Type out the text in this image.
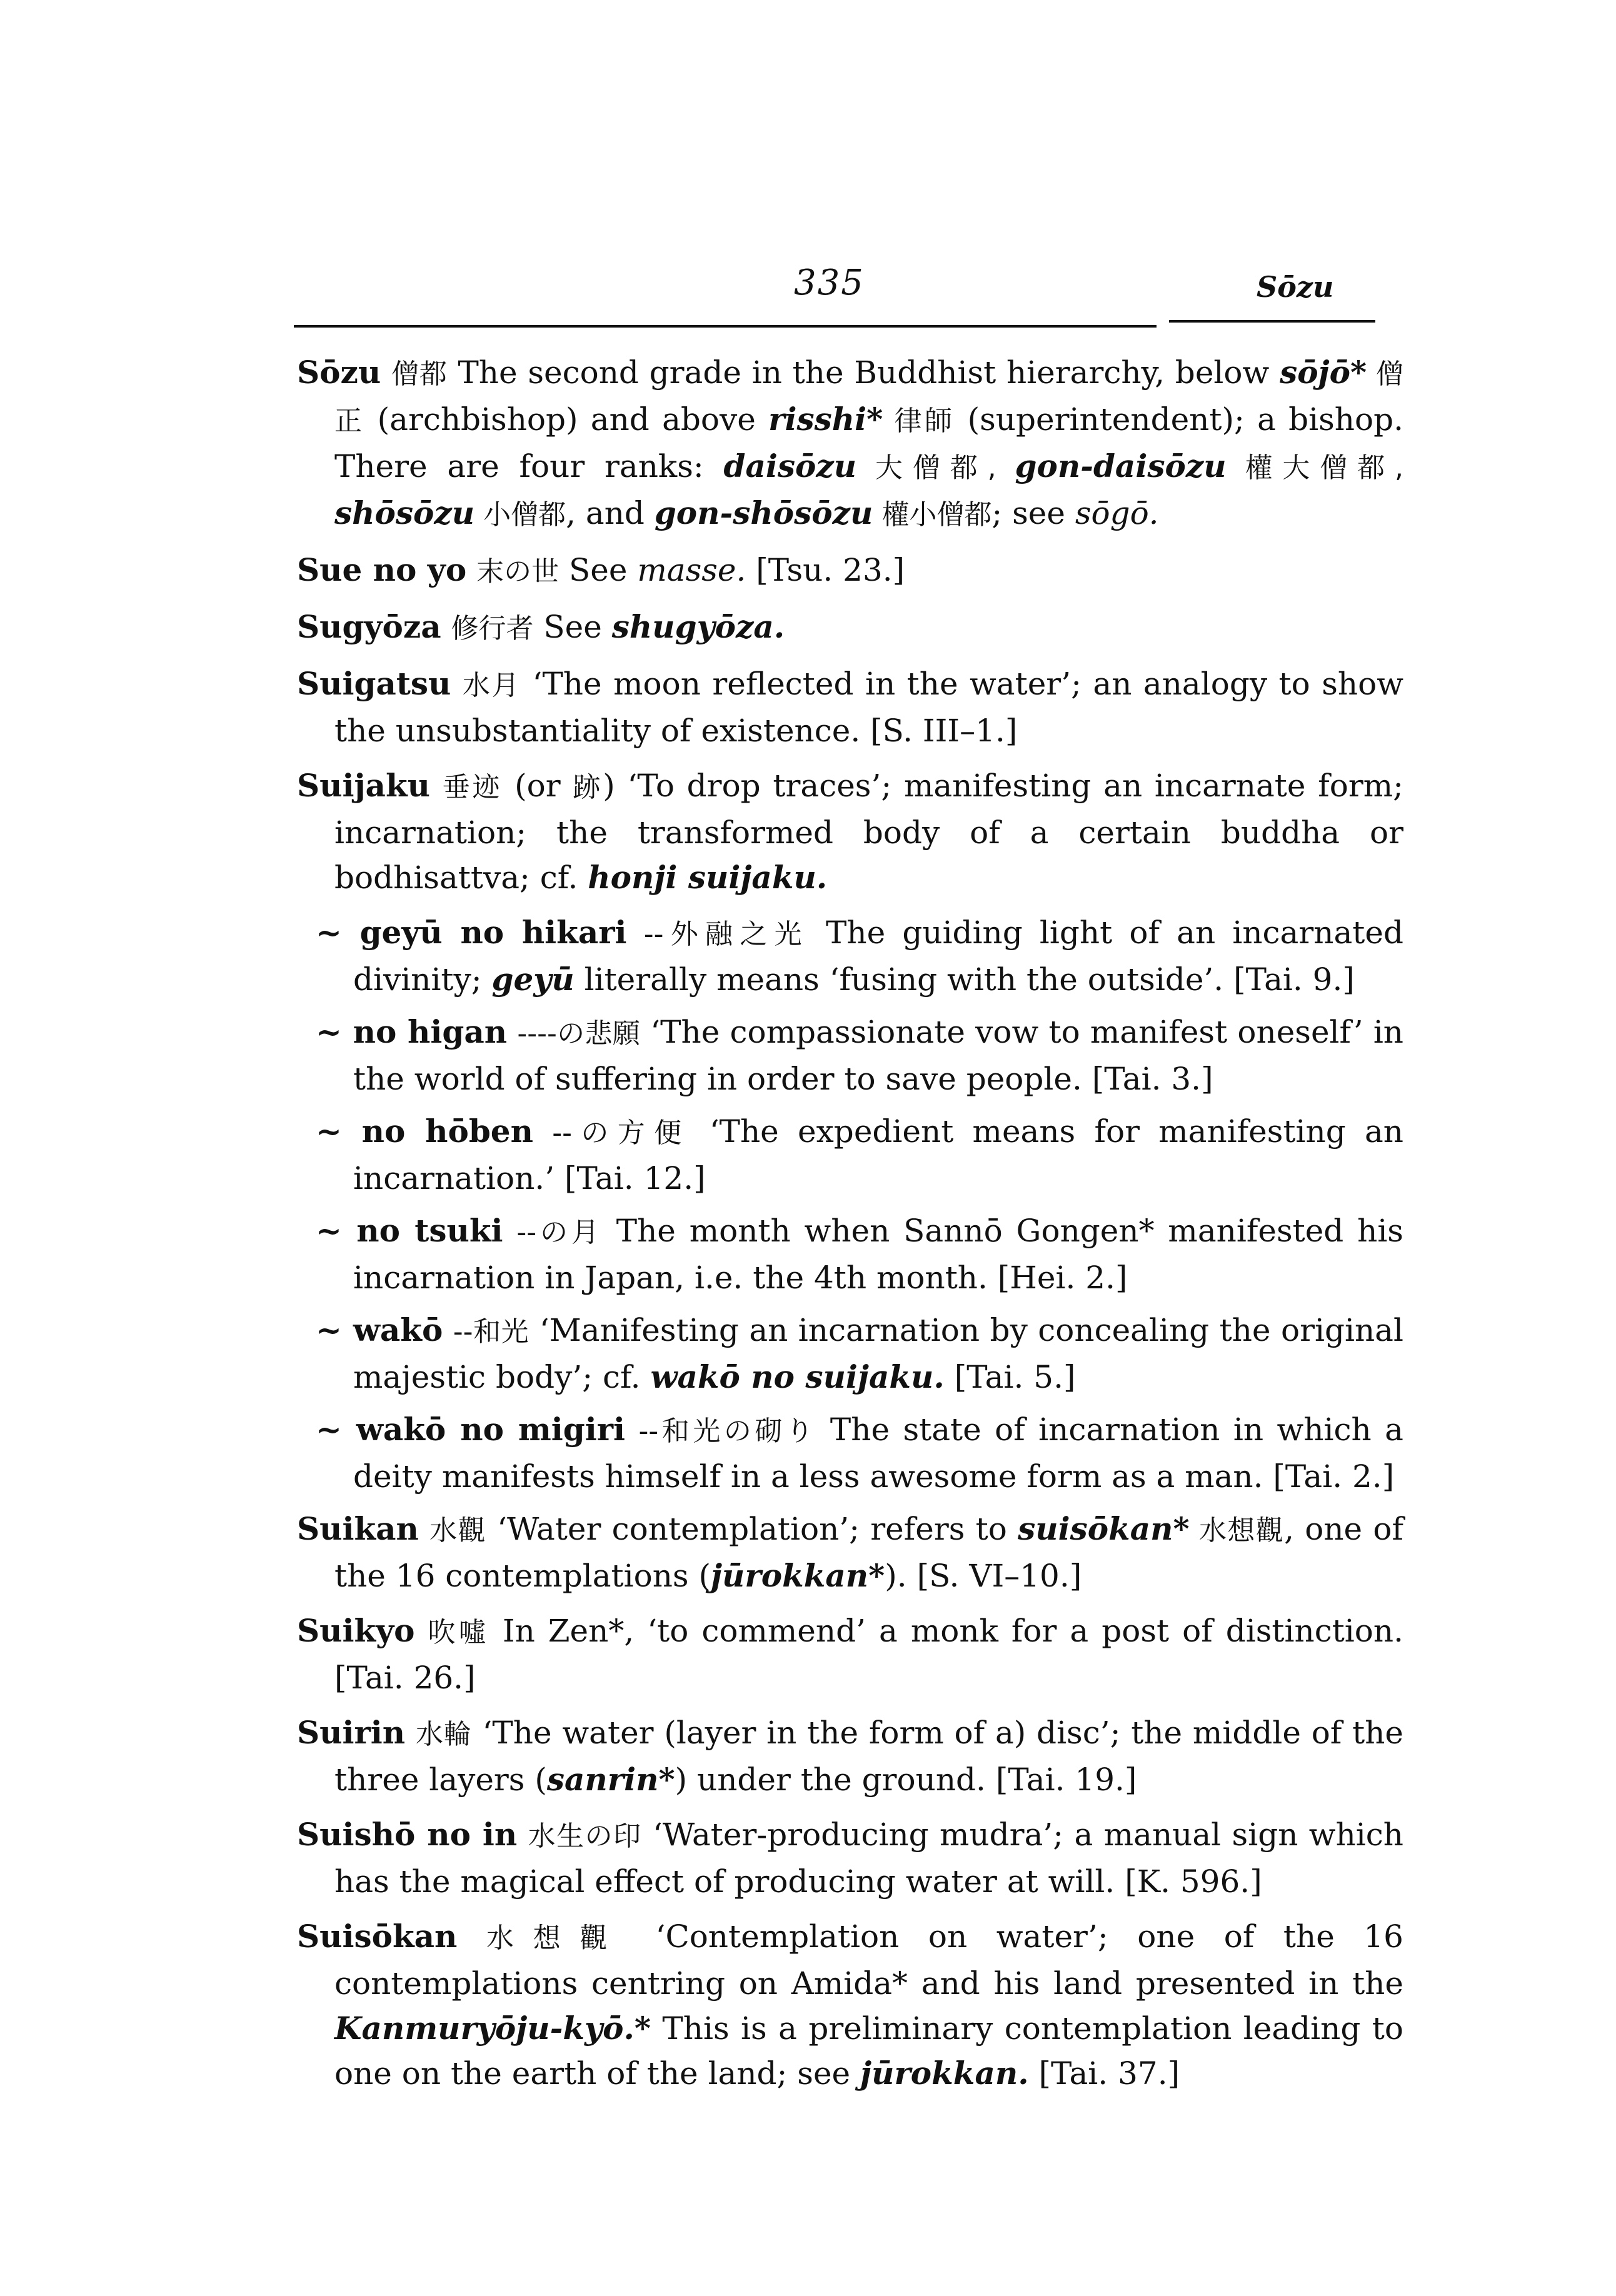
335	Sōzu
Sōzu 僧都 The second grade in the Buddhist hierarchy, below sōjō* 僧正 (archbishop) and above risshi* 律師 (superintendent); a bishop. There are four ranks: daisōzu 大僧都, gon-daisōzu 權大僧都, shōsōzu 小僧都, and gon-shōsōzu 權小僧都; see sōgō.
Sue no yo 末の世 See masse. [Tsu. 23.]
Sugyōza 修行者 See shugyōza.
Suigatsu 水月 ‘The moon reflected in the water’; an analogy to show the unsubstantiality of existence. [S. III–1.]
Suijaku 垂迹 (or 跡) ‘To drop traces’; manifesting an incarnate form; incarnation; the transformed body of a certain buddha or bodhisattva; cf. honji suijaku.
~ geyū no hikari --外融之光 The guiding light of an incarnated divinity; geyū literally means ‘fusing with the outside’. [Tai. 9.]
~ no higan ----の悲願 ‘The compassionate vow to manifest oneself’ in the world of suffering in order to save people. [Tai. 3.]
~ no hōben --の方便 ‘The expedient means for manifesting an incarnation.’ [Tai. 12.]
~ no tsuki --の月 The month when Sannō Gongen* manifested his incarnation in Japan, i.e. the 4th month. [Hei. 2.]
~ wakō --和光 ‘Manifesting an incarnation by concealing the original majestic body’; cf. wakō no suijaku. [Tai. 5.]
~ wakō no migiri --和光の砌り The state of incarnation in which a deity manifests himself in a less awesome form as a man. [Tai. 2.]
Suikan 水觀 ‘Water contemplation’; refers to suisōkan* 水想觀, one of the 16 contemplations (jūrokkan*). [S. VI–10.]
Suikyo 吹噓 In Zen*, ‘to commend’ a monk for a post of distinction. [Tai. 26.]
Suirin 水輪 ‘The water (layer in the form of a) disc’; the middle of the three layers (sanrin*) under the ground. [Tai. 19.]
Suishō no in 水生の印 ‘Water-producing mudra’; a manual sign which has the magical effect of producing water at will. [K. 596.]
Suisōkan 水想觀 ‘Contemplation on water’; one of the 16 contemplations centring on Amida* and his land presented in the Kanmuryōju-kyō.* This is a preliminary contemplation leading to one on the earth of the land; see jūrokkan. [Tai. 37.]
